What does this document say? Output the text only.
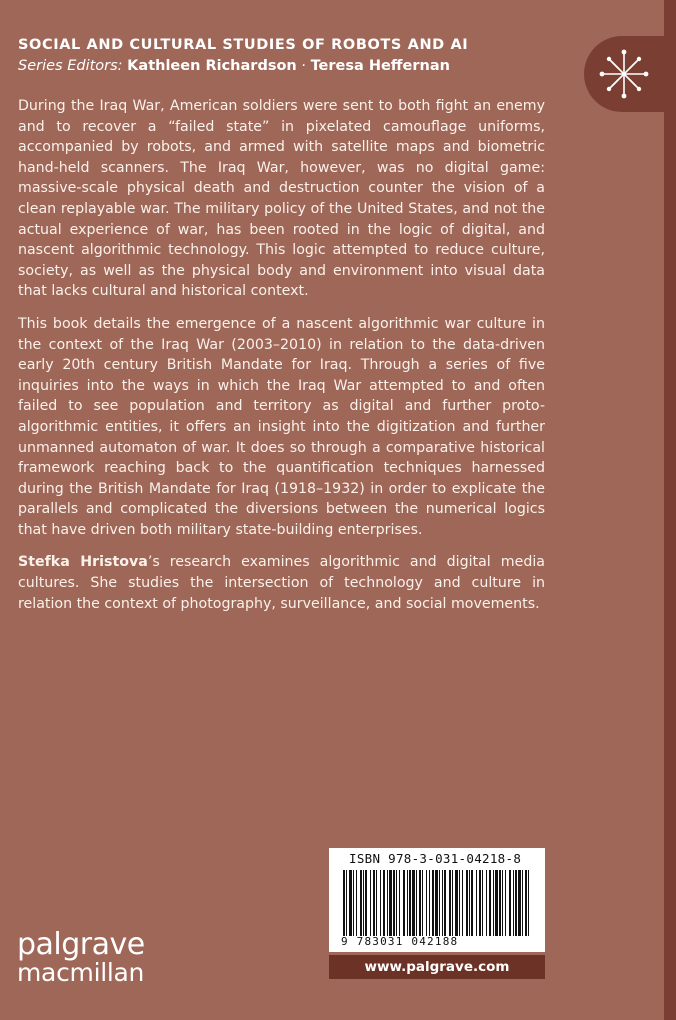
SOCIAL AND CULTURAL STUDIES OF ROBOTS AND AI
Series Editors: Kathleen Richardson · Teresa Heffernan

During the Iraq War, American soldiers were sent to both fight an enemy and to recover a “failed state” in pixelated camouflage uniforms, accompanied by robots, and armed with satellite maps and biometric hand-held scanners. The Iraq War, however, was no digital game: massive-scale physical death and destruction counter the vision of a clean replayable war. The military policy of the United States, and not the actual experience of war, has been rooted in the logic of digital, and nascent algorithmic technology. This logic attempted to reduce culture, society, as well as the physical body and environment into visual data that lacks cultural and historical context.

This book details the emergence of a nascent algorithmic war culture in the context of the Iraq War (2003–2010) in relation to the data-driven early 20th century British Mandate for Iraq. Through a series of five inquiries into the ways in which the Iraq War attempted to and often failed to see population and territory as digital and further proto-algorithmic entities, it offers an insight into the digitization and further unmanned automaton of war. It does so through a comparative historical framework reaching back to the quantification techniques harnessed during the British Mandate for Iraq (1918–1932) in order to explicate the parallels and complicated the diversions between the numerical logics that have driven both military state-building enterprises.

Stefka Hristova’s research examines algorithmic and digital media cultures. She studies the intersection of technology and culture in relation the context of photography, surveillance, and social movements.

ISBN 978-3-031-04218-8
9 783031 042188
www.palgrave.com
palgrave
macmillan
